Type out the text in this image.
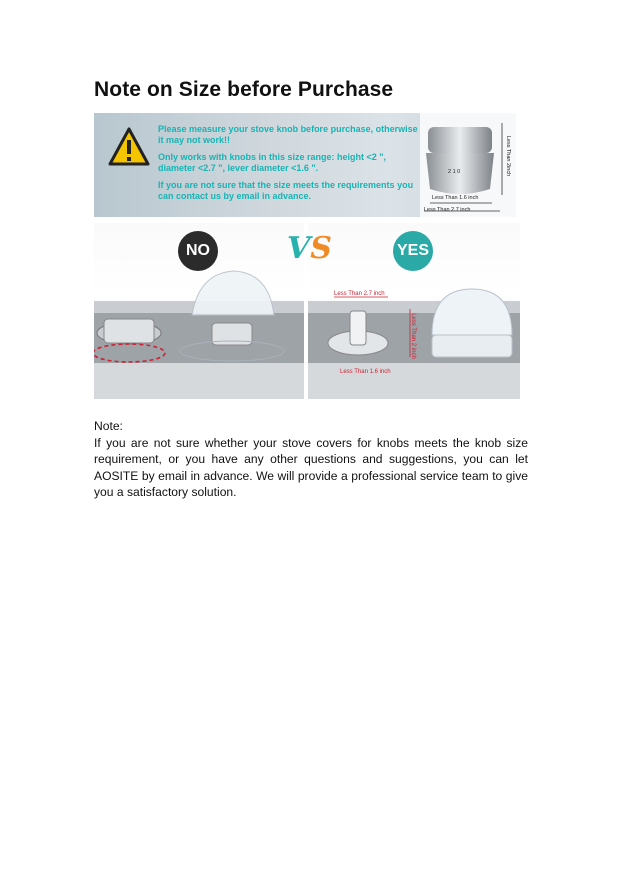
Note on Size before Purchase

Please measure your stove knob before purchase, otherwise it may not work!!

Only works with knobs in this size range: height <2 ", diameter <2.7 ", lever diameter <1.6 ".

If you are not sure that the size meets the requirements you can contact us by email in advance.

2 1 0	Less Than 2inch
Less Than 1.6 inch
Less Than 2.7 inch
NO	VS	YES
Less Than 2.7 inch
Less Than 2 inch
Less Than 1.6 inch

Note:

If you are not sure whether your stove covers for knobs meets the knob size requirement, or you have any other questions and suggestions, you can let AOSITE by email in advance. We will provide a professional service team to give you a satisfactory solution.
